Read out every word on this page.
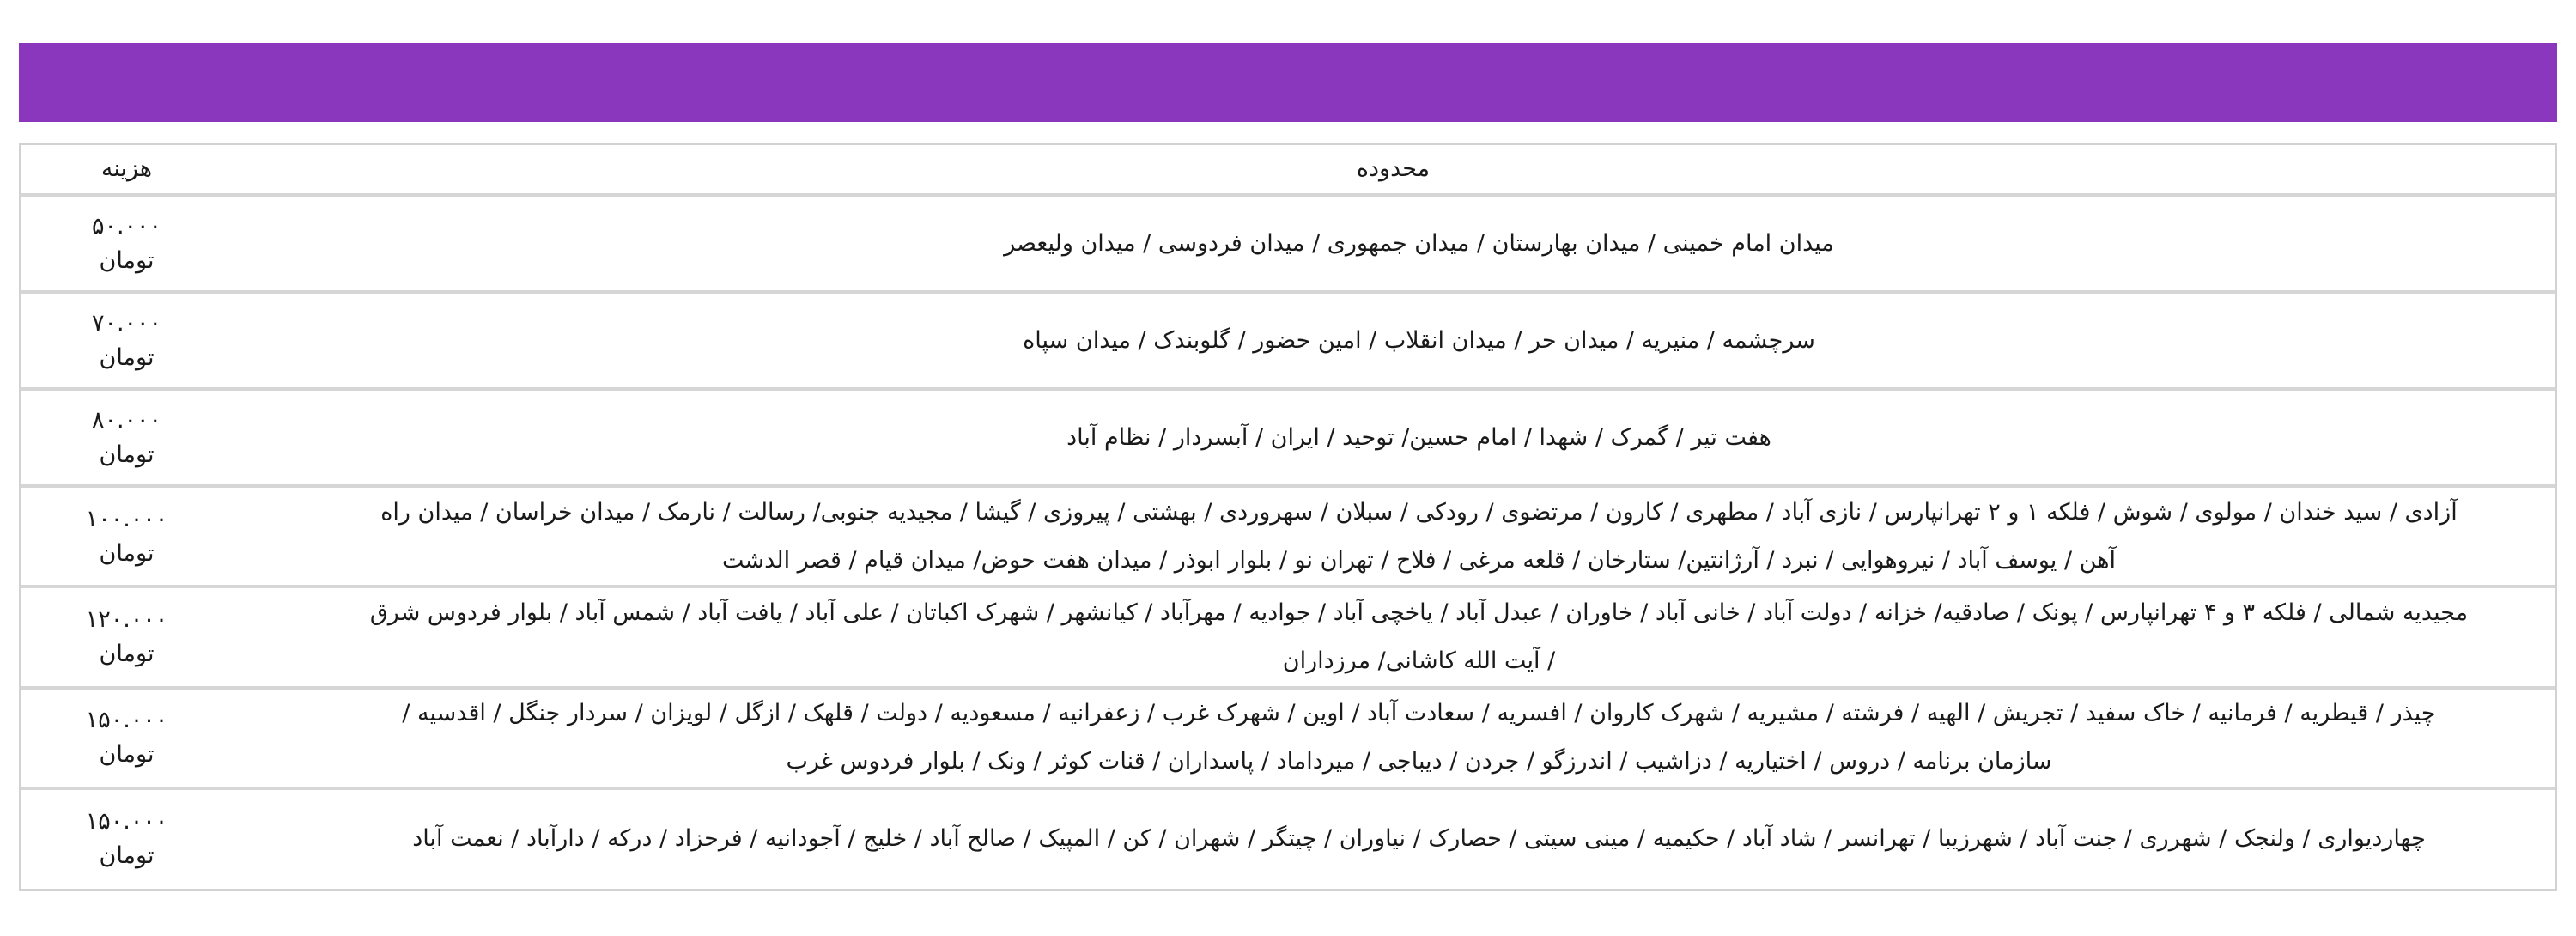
محدوده	هزینه
میدان امام خمینی / میدان بهارستان / میدان جمهوری / میدان فردوسی / میدان ولیعصر	۵۰.۰۰۰
تومان

سرچشمه / منیریه / میدان حر / میدان انقلاب / امین حضور / گلوبندک / میدان سپاه	۷۰.۰۰۰
تومان

هفت تیر / گمرک / شهدا / امام حسین/ توحید / ایران / آبسردار / نظام آباد	۸۰.۰۰۰
تومان

آزادی / سید خندان / مولوی / شوش / فلکه ۱ و ۲ تهرانپارس / نازی آباد / مطهری / کارون / مرتضوی / رودکی / سبلان / سهروردی / بهشتی / پیروزی / گیشا / مجیدیه جنوبی/ رسالت / نارمک / میدان خراسان / میدان راه آهن / یوسف آباد / نیروهوایی / نبرد / آرژانتین/ ستارخان / قلعه مرغی / فلاح / تهران نو / بلوار ابوذر / میدان هفت حوض/ میدان قیام / قصر الدشت	۱۰۰.۰۰۰
تومان

مجیدیه شمالی / فلکه ۳ و ۴ تهرانپارس / پونک / صادقیه/ خزانه / دولت آباد / خانی آباد / خاوران / عبدل آباد / یاخچی آباد / جوادیه / مهرآباد / کیانشهر / شهرک اکباتان / علی آباد / یافت آباد / شمس آباد / بلوار فردوس شرق / آیت الله کاشانی/ مرزداران	۱۲۰.۰۰۰
تومان

چیذر / قیطریه / فرمانیه / خاک سفید / تجریش / الهیه / فرشته / مشیریه / شهرک کاروان / افسریه / سعادت آباد / اوین / شهرک غرب / زعفرانیه / مسعودیه / دولت / قلهک / ازگل / لویزان / سردار جنگل / اقدسیه / سازمان برنامه / دروس / اختیاریه / دزاشیب / اندرزگو / جردن / دیباجی / میرداماد / پاسداران / قنات کوثر / ونک / بلوار فردوس غرب	۱۵۰.۰۰۰
تومان

چهاردیواری / ولنجک / شهرری / جنت آباد / شهرزیبا / تهرانسر / شاد آباد / حکیمیه / مینی سیتی / حصارک / نیاوران / چیتگر / شهران / کن / المپیک / صالح آباد / خلیج / آجودانیه / فرحزاد / درکه / دارآباد / نعمت آباد	۱۵۰.۰۰۰
تومان
